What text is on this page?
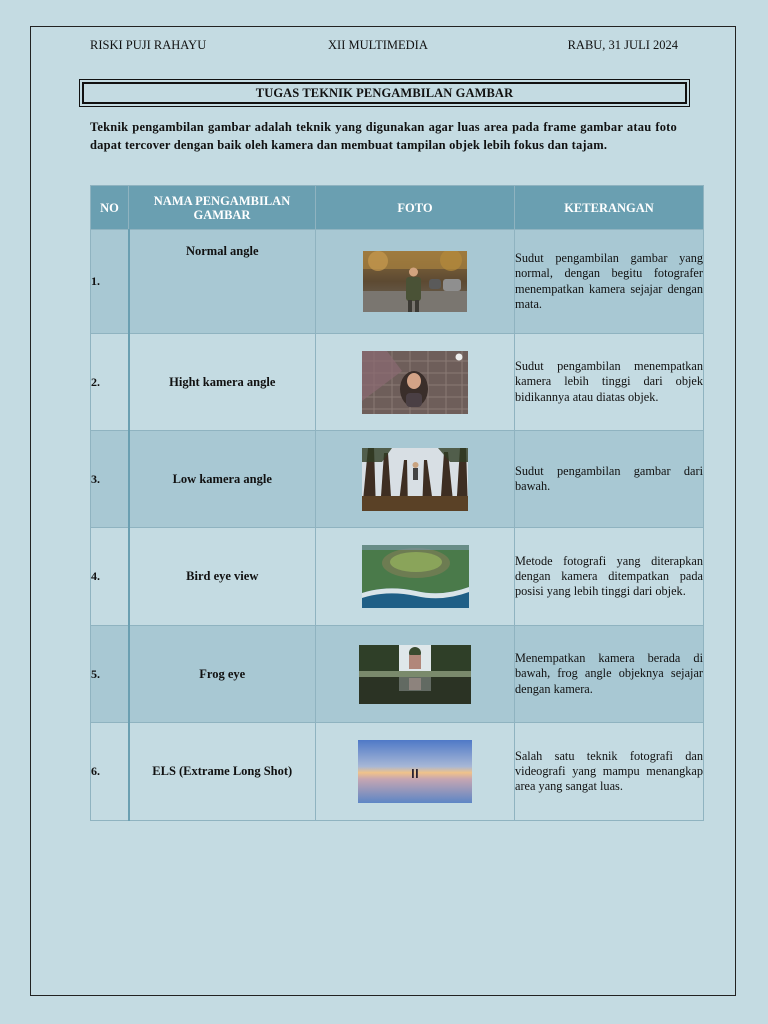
RISKI PUJI RAHAYU	XII MULTIMEDIA	RABU, 31 JULI 2024
TUGAS TEKNIK PENGAMBILAN GAMBAR
Teknik pengambilan gambar adalah teknik yang digunakan agar luas area pada frame gambar atau foto dapat tercover dengan baik oleh kamera dan membuat tampilan objek lebih fokus dan tajam.
NO	NAMA PENGAMBILAN GAMBAR	FOTO	KETERANGAN
1.	Normal angle		Sudut pengambilan gambar yang normal, dengan begitu fotografer menempatkan kamera sejajar dengan mata.
2.	Hight kamera angle		Sudut pengambilan menempatkan kamera lebih tinggi dari objek bidikannya atau diatas objek.
3.	Low kamera angle		Sudut pengambilan gambar dari bawah.
4.	Bird eye view		Metode fotografi yang diterapkan dengan kamera ditempatkan pada posisi yang lebih tinggi dari objek.
5.	Frog eye		Menempatkan kamera berada di bawah, frog angle objeknya sejajar dengan kamera.
6.	ELS (Extrame Long Shot)		Salah satu teknik fotografi dan videografi yang mampu menangkap area yang sangat luas.
